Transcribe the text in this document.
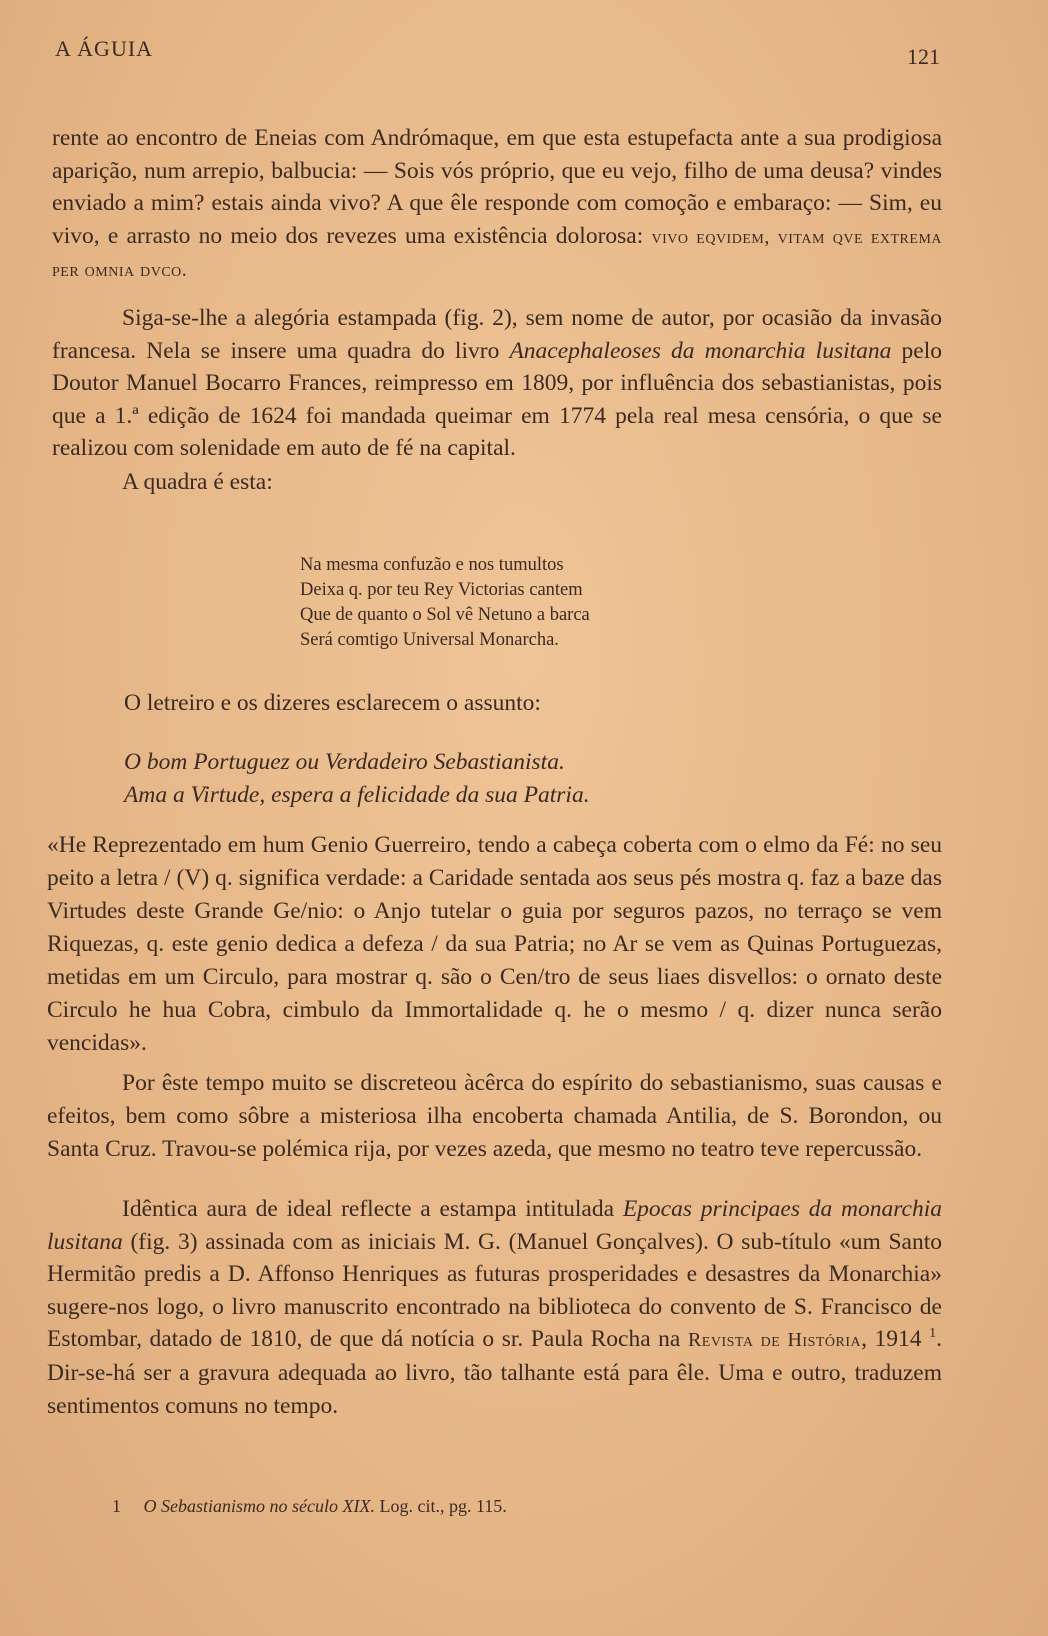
A ÁGUIA	121
rente ao encontro de Eneias com Andrómaque, em que esta estupefacta ante a sua prodigiosa aparição, num arrepio, balbucia: — Sois vós próprio, que eu vejo, filho de uma deusa? vindes enviado a mim? estais ainda vivo? A que êle responde com comoção e embaraço: — Sim, eu vivo, e arrasto no meio dos revezes uma existência dolorosa: vivo eqvidem, vitam qve extrema per omnia dvco.
Siga-se-lhe a alegória estampada (fig. 2), sem nome de autor, por ocasião da invasão francesa. Nela se insere uma quadra do livro Anacephaleoses da monarchia lusitana pelo Doutor Manuel Bocarro Frances, reimpresso em 1809, por influência dos sebastianistas, pois que a 1.ª edição de 1624 foi mandada queimar em 1774 pela real mesa censória, o que se realizou com solenidade em auto de fé na capital.
A quadra é esta:
Na mesma confuzão e nos tumultos
Deixa q. por teu Rey Victorias cantem
Que de quanto o Sol vê Netuno a barca
Será comtigo Universal Monarcha.
O letreiro e os dizeres esclarecem o assunto:
O bom Portuguez ou Verdadeiro Sebastianista.
Ama a Virtude, espera a felicidade da sua Patria.
«He Reprezentado em hum Genio Guerreiro, tendo a cabeça coberta com o elmo da Fé: no seu peito a letra / (V) q. significa verdade: a Caridade sentada aos seus pés mostra q. faz a baze das Virtudes deste Grande Ge/nio: o Anjo tutelar o guia por seguros pazos, no terraço se vem Riquezas, q. este genio dedica a defeza / da sua Patria; no Ar se vem as Quinas Portuguezas, metidas em um Circulo, para mostrar q. são o Cen/tro de seus liaes disvellos: o ornato deste Circulo he hua Cobra, cimbulo da Immortalidade q. he o mesmo / q. dizer nunca serão vencidas».
Por êste tempo muito se discreteou àcêrca do espírito do sebastianismo, suas causas e efeitos, bem como sôbre a misteriosa ilha encoberta chamada Antilia, de S. Borondon, ou Santa Cruz. Travou-se polémica rija, por vezes azeda, que mesmo no teatro teve repercussão.
Idêntica aura de ideal reflecte a estampa intitulada Epocas principaes da monarchia lusitana (fig. 3) assinada com as iniciais M. G. (Manuel Gonçalves). O sub-título «um Santo Hermitão predis a D. Affonso Henriques as futuras prosperidades e desastres da Monarchia» sugere-nos logo, o livro manuscrito encontrado na biblioteca do convento de S. Francisco de Estombar, datado de 1810, de que dá notícia o sr. Paula Rocha na Revista de História, 1914 $^1$. Dir-se-há ser a gravura adequada ao livro, tão talhante está para êle. Uma e outro, traduzem sentimentos comuns no tempo.
1 O Sebastianismo no século XIX. Log. cit., pg. 115.
